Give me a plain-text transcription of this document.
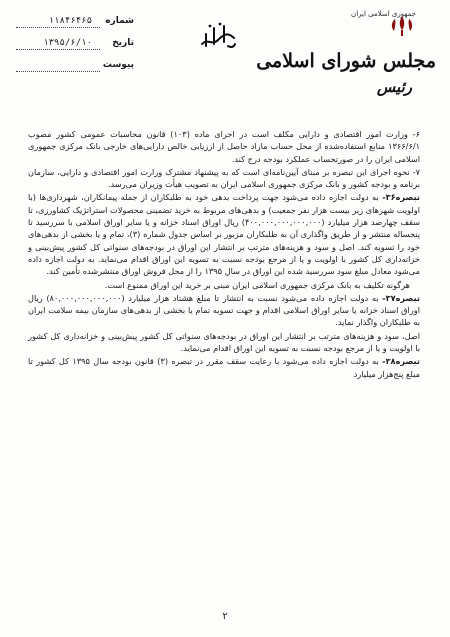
جمهوری اسلامی ایران
مجلس شورای اسلامی
رئیس
شماره
۱۱۸۴۶۴۶۵
تاریخ
۱۳۹۵/۶/۱۰
پیوست

۶- وزارت امور اقتصادی و دارایی مکلف است در اجرای ماده (۱۰۳) قانون محاسبات عمومی کشور مصوب ۱۳۶۶/۶/۱ منابع استفاده‌شده از محل حساب مازاد حاصل از ارزیابی خالص دارایی‌های خارجی بانک مرکزی جمهوری اسلامی ایران را در صورتحساب عملکرد بودجه درج کند.

۷- نحوه اجرای این تبصره بر مبنای آیین‌نامه‌ای است که به پیشنهاد مشترک وزارت امور اقتصادی و دارایی، سازمان برنامه و بودجه کشور و بانک مرکزی جمهوری اسلامی ایران به تصویب هیأت وزیران می‌رسد.

تبصره۳۶- به دولت اجازه داده می‌شود جهت پرداخت بدهی خود به طلبکاران از جمله پیمانکاران، شهرداری‌ها (با اولویت شهرهای زیر بیست هزار نفر جمعیت) و بدهی‌های مربوط به خرید تضمینی محصولات استراتژیک کشاورزی، تا سقف چهارصد هزار میلیارد (۴۰۰,۰۰۰,۰۰۰,۰۰۰,۰۰۰) ریال اوراق اسناد خزانه و یا سایر اوراق اسلامی با سررسید تا پنجساله منتشر و از طریق واگذاری آن به طلبکاران مزبور بر اساس جدول شماره (۳)، تمام و یا بخشی از بدهی‌های خود را تسویه کند. اصل و سود و هزینه‌های مترتب بر انتشار این اوراق در بودجه‌های سنواتی کل کشور پیش‌بینی و خزانه‌داری کل کشور با اولویت و یا از مرجع بودجه نسبت به تسویه این اوراق اقدام می‌نماید. به دولت اجازه داده می‌شود معادل مبلغ سود سررسید شده این اوراق در سال ۱۳۹۵ را از محل فروش اوراق منتشر‌شده تأمین کند.

هرگونه تکلیف به بانک مرکزی جمهوری اسلامی ایران مبنی بر خرید این اوراق ممنوع است.

تبصره۳۷- به دولت اجازه داده می‌شود نسبت به انتشار تا مبلغ هشتاد هزار میلیارد (۸۰,۰۰۰,۰۰۰,۰۰۰,۰۰۰) ریال اوراق اسناد خزانه یا سایر اوراق اسلامی اقدام و جهت تسویه تمام یا بخشی از بدهی‌های سازمان بیمه سلامت ایران به طلبکاران واگذار نماید.

اصل، سود و هزینه‌های مترتب بر انتشار این اوراق در بودجه‌های سنواتی کل کشور پیش‌بینی و خزانه‌داری کل کشور با اولویت و یا از مرجع بودجه نسبت به تسویه این اوراق اقدام می‌نماید.

تبصره۳۸- به دولت اجازه داده می‌شود با رعایت سقف مقرر در تبصره (۳) قانون بودجه سال ۱۳۹۵ کل کشور تا مبلغ پنج‌هزار میلیارد

۲
